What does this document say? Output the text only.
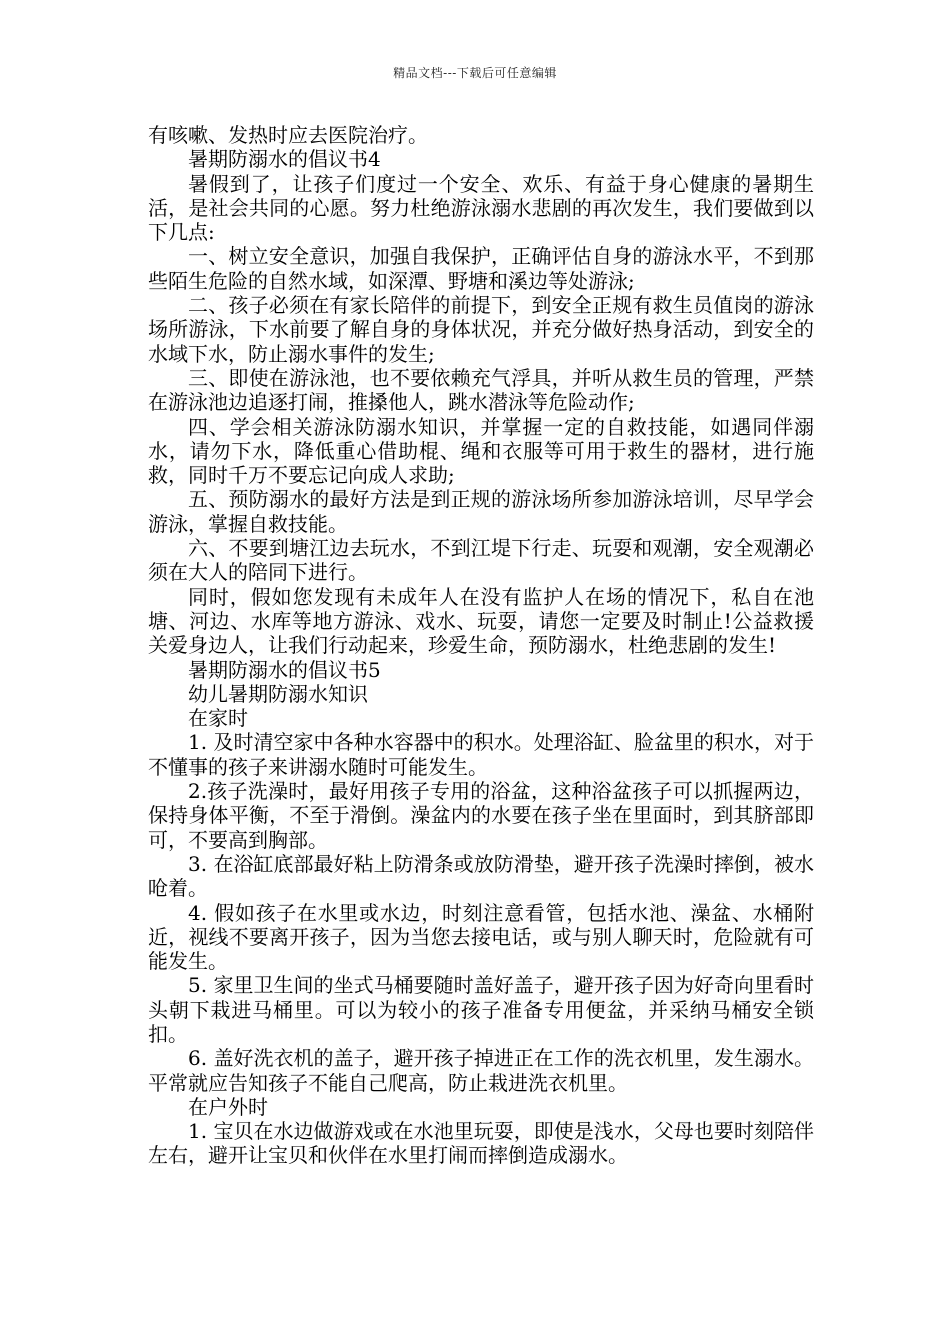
精品文档---下载后可任意编辑

有咳嗽、发热时应去医院治疗。

暑期防溺水的倡议书4

暑假到了，让孩子们度过一个安全、欢乐、有益于身心健康的暑期生活，是社会共同的心愿。努力杜绝游泳溺水悲剧的再次发生，我们要做到以下几点:

一、树立安全意识，加强自我保护，正确评估自身的游泳水平，不到那些陌生危险的自然水域，如深潭、野塘和溪边等处游泳;

二、孩子必须在有家长陪伴的前提下，到安全正规有救生员值岗的游泳场所游泳，下水前要了解自身的身体状况，并充分做好热身活动，到安全的水域下水，防止溺水事件的发生;

三、即使在游泳池，也不要依赖充气浮具，并听从救生员的管理，严禁在游泳池边追逐打闹，推搡他人，跳水潜泳等危险动作;

四、学会相关游泳防溺水知识，并掌握一定的自救技能，如遇同伴溺水，请勿下水，降低重心借助棍、绳和衣服等可用于救生的器材，进行施救，同时千万不要忘记向成人求助;

五、预防溺水的最好方法是到正规的游泳场所参加游泳培训，尽早学会游泳，掌握自救技能。

六、不要到塘江边去玩水，不到江堤下行走、玩耍和观潮，安全观潮必须在大人的陪同下进行。

同时，假如您发现有未成年人在没有监护人在场的情况下，私自在池塘、河边、水库等地方游泳、戏水、玩耍，请您一定要及时制止!公益救援关爱身边人，让我们行动起来，珍爱生命，预防溺水，杜绝悲剧的发生!

暑期防溺水的倡议书5

幼儿暑期防溺水知识

在家时

1. 及时清空家中各种水容器中的积水。处理浴缸、脸盆里的积水，对于不懂事的孩子来讲溺水随时可能发生。

2.孩子洗澡时，最好用孩子专用的浴盆，这种浴盆孩子可以抓握两边，保持身体平衡，不至于滑倒。澡盆内的水要在孩子坐在里面时，到其脐部即可，不要高到胸部。

3. 在浴缸底部最好粘上防滑条或放防滑垫，避开孩子洗澡时摔倒，被水呛着。

4. 假如孩子在水里或水边，时刻注意看管，包括水池、澡盆、水桶附近，视线不要离开孩子，因为当您去接电话，或与别人聊天时，危险就有可能发生。

5. 家里卫生间的坐式马桶要随时盖好盖子，避开孩子因为好奇向里看时头朝下栽进马桶里。可以为较小的孩子准备专用便盆，并采纳马桶安全锁扣。

6. 盖好洗衣机的盖子，避开孩子掉进正在工作的洗衣机里，发生溺水。平常就应告知孩子不能自己爬高，防止栽进洗衣机里。

在户外时

1. 宝贝在水边做游戏或在水池里玩耍，即使是浅水，父母也要时刻陪伴左右，避开让宝贝和伙伴在水里打闹而摔倒造成溺水。
